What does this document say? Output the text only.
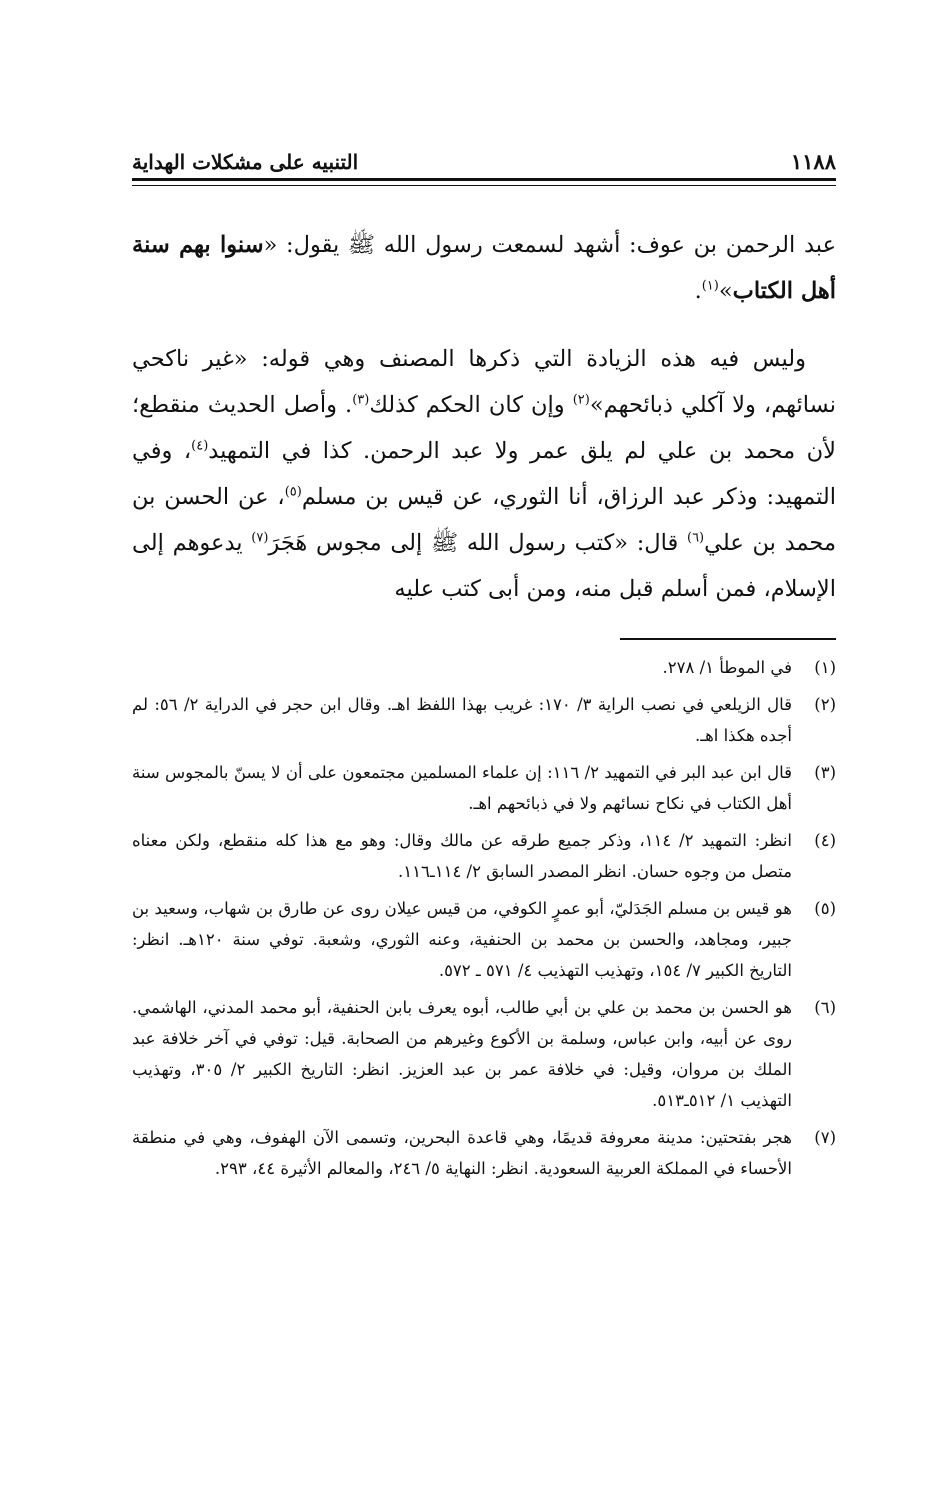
١١٨٨
التنبيه على مشكلات الهداية

عبد الرحمن بن عوف: أشهد لسمعت رسول الله ﷺ يقول: «سنوا بهم سنة أهل الكتاب»$^{(١)}$.

وليس فيه هذه الزيادة التي ذكرها المصنف وهي قوله: «غير ناكحي نسائهم، ولا آكلي ذبائحهم»$^{(٢)}$ وإن كان الحكم كذلك$^{(٣)}$. وأصل الحديث منقطع؛ لأن محمد بن علي لم يلق عمر ولا عبد الرحمن. كذا في التمهيد$^{(٤)}$، وفي التمهيد: وذكر عبد الرزاق، أنا الثوري، عن قيس بن مسلم$^{(٥)}$، عن الحسن بن محمد بن علي$^{(٦)}$ قال: «كتب رسول الله ﷺ إلى مجوس هَجَرَ$^{(٧)}$ يدعوهم إلى الإسلام، فمن أسلم قبل منه، ومن أبى كتب عليه

(١)
في الموطأ ١/ ٢٧٨.
(٢)
قال الزيلعي في نصب الراية ٣/ ١٧٠: غريب بهذا اللفظ اهـ. وقال ابن حجر في الدراية ٢/ ٥٦: لم أجده هكذا اهـ.
(٣)
قال ابن عبد البر في التمهيد ٢/ ١١٦: إن علماء المسلمين مجتمعون على أن لا يسنّ بالمجوس سنة أهل الكتاب في نكاح نسائهم ولا في ذبائحهم اهـ.
(٤)
انظر: التمهيد ٢/ ١١٤، وذكر جميع طرقه عن مالك وقال: وهو مع هذا كله منقطع، ولكن معناه متصل من وجوه حسان. انظر المصدر السابق ٢/ ١١٤ـ١١٦.
(٥)
هو قيس بن مسلم الجَدَليّ، أبو عمرٍ الكوفي، من قيس عيلان روى عن طارق بن شهاب، وسعيد بن جبير، ومجاهد، والحسن بن محمد بن الحنفية، وعنه الثوري، وشعبة. توفي سنة ١٢٠هـ. انظر: التاريخ الكبير ٧/ ١٥٤، وتهذيب التهذيب ٤/ ٥٧١ ـ ٥٧٢.
(٦)
هو الحسن بن محمد بن علي بن أبي طالب، أبوه يعرف بابن الحنفية، أبو محمد المدني، الهاشمي. روى عن أبيه، وابن عباس، وسلمة بن الأكوع وغيرهم من الصحابة. قيل: توفي في آخر خلافة عبد الملك بن مروان، وقيل: في خلافة عمر بن عبد العزيز. انظر: التاريخ الكبير ٢/ ٣٠٥، وتهذيب التهذيب ١/ ٥١٢ـ٥١٣.
(٧)
هجر بفتحتين: مدينة معروفة قديمًا، وهي قاعدة البحرين، وتسمى الآن الهفوف، وهي في منطقة الأحساء في المملكة العربية السعودية. انظر: النهاية ٥/ ٢٤٦، والمعالم الأثيرة ٤٤، ٢٩٣.
